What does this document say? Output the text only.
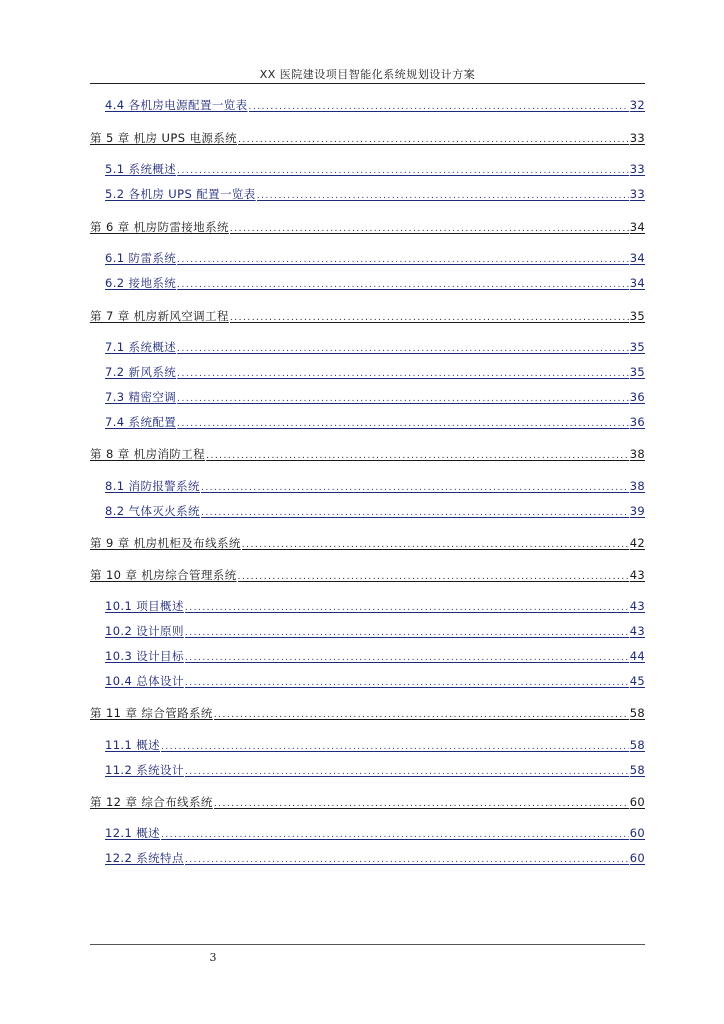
XX 医院建设项目智能化系统规划设计方案
4.4 各机房电源配置一览表 .....	32
第 5 章 机房 UPS 电源系统 .....	33
5.1 系统概述 .....	33
5.2 各机房 UPS 配置一览表 .....	33
第 6 章 机房防雷接地系统 .....	34
6.1 防雷系统 .....	34
6.2 接地系统 .....	34
第 7 章 机房新风空调工程 .....	35
7.1 系统概述 .....	35
7.2 新风系统 .....	35
7.3 精密空调 .....	36
7.4 系统配置 .....	36
第 8 章 机房消防工程 .....	38
8.1 消防报警系统 .....	38
8.2 气体灭火系统 .....	39
第 9 章 机房机柜及布线系统 .....	42
第 10 章 机房综合管理系统 .....	43
10.1 项目概述 .....	43
10.2 设计原则 .....	43
10.3 设计目标 .....	44
10.4 总体设计 .....	45
第 11 章 综合管路系统 .....	58
11.1 概述 .....	58
11.2 系统设计 .....	58
第 12 章 综合布线系统 .....	60
12.1 概述 .....	60
12.2 系统特点 .....	60
3
